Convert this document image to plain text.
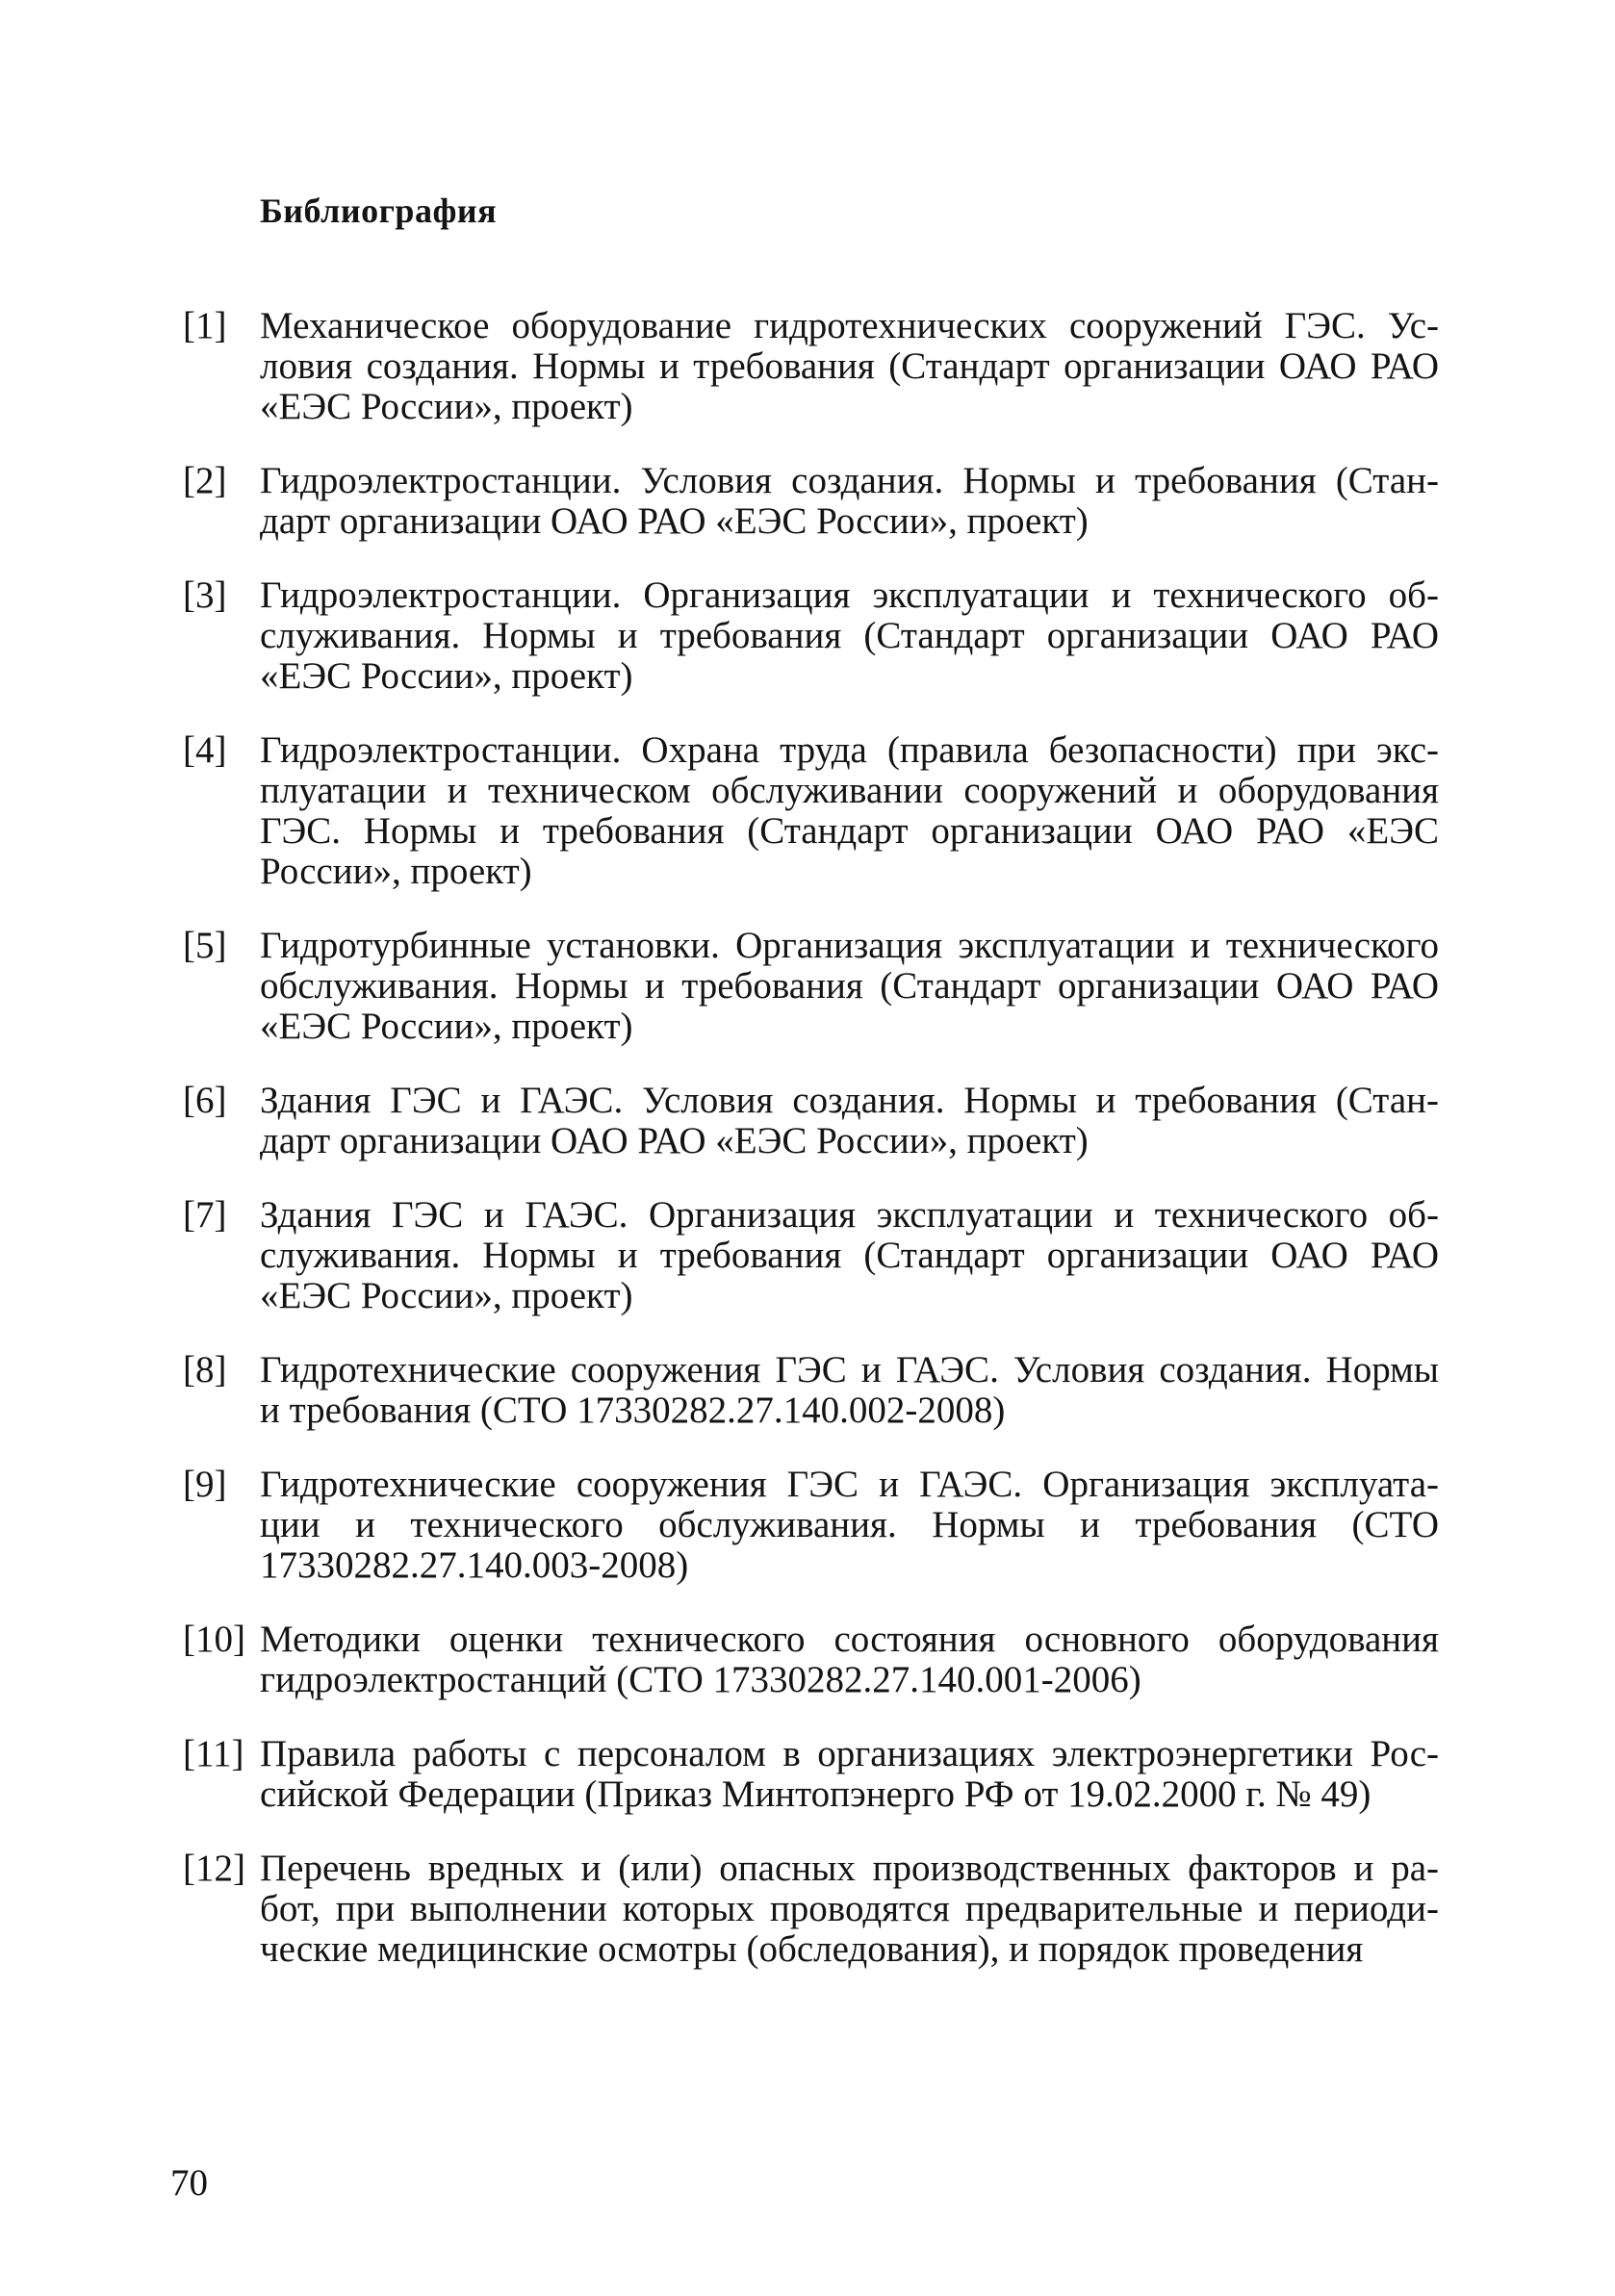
Библиография
[1] Механическое оборудование гидротехнических сооружений ГЭС. Ус-
ловия создания. Нормы и требования (Стандарт организации ОАО РАО
«ЕЭС России», проект)
[2] Гидроэлектростанции. Условия создания. Нормы и требования (Стан-
дарт организации ОАО РАО «ЕЭС России», проект)
[3] Гидроэлектростанции. Организация эксплуатации и технического об-
служивания. Нормы и требования (Стандарт организации ОАО РАО
«ЕЭС России», проект)
[4] Гидроэлектростанции. Охрана труда (правила безопасности) при экс-
плуатации и техническом обслуживании сооружений и оборудования
ГЭС. Нормы и требования (Стандарт организации ОАО РАО «ЕЭС
России», проект)
[5] Гидротурбинные установки. Организация эксплуатации и технического
обслуживания. Нормы и требования (Стандарт организации ОАО РАО
«ЕЭС России», проект)
[6] Здания ГЭС и ГАЭС. Условия создания. Нормы и требования (Стан-
дарт организации ОАО РАО «ЕЭС России», проект)
[7] Здания ГЭС и ГАЭС. Организация эксплуатации и технического об-
служивания. Нормы и требования (Стандарт организации ОАО РАО
«ЕЭС России», проект)
[8] Гидротехнические сооружения ГЭС и ГАЭС. Условия создания. Нормы
и требования (СТО 17330282.27.140.002-2008)
[9] Гидротехнические сооружения ГЭС и ГАЭС. Организация эксплуата-
ции и технического обслуживания. Нормы и требования (СТО
17330282.27.140.003-2008)
[10] Методики оценки технического состояния основного оборудования
гидроэлектростанций (СТО 17330282.27.140.001-2006)
[11] Правила работы с персоналом в организациях электроэнергетики Рос-
сийской Федерации (Приказ Минтопэнерго РФ от 19.02.2000 г. № 49)
[12] Перечень вредных и (или) опасных производственных факторов и ра-
бот, при выполнении которых проводятся предварительные и периоди-
ческие медицинские осмотры (обследования), и порядок проведения

70
